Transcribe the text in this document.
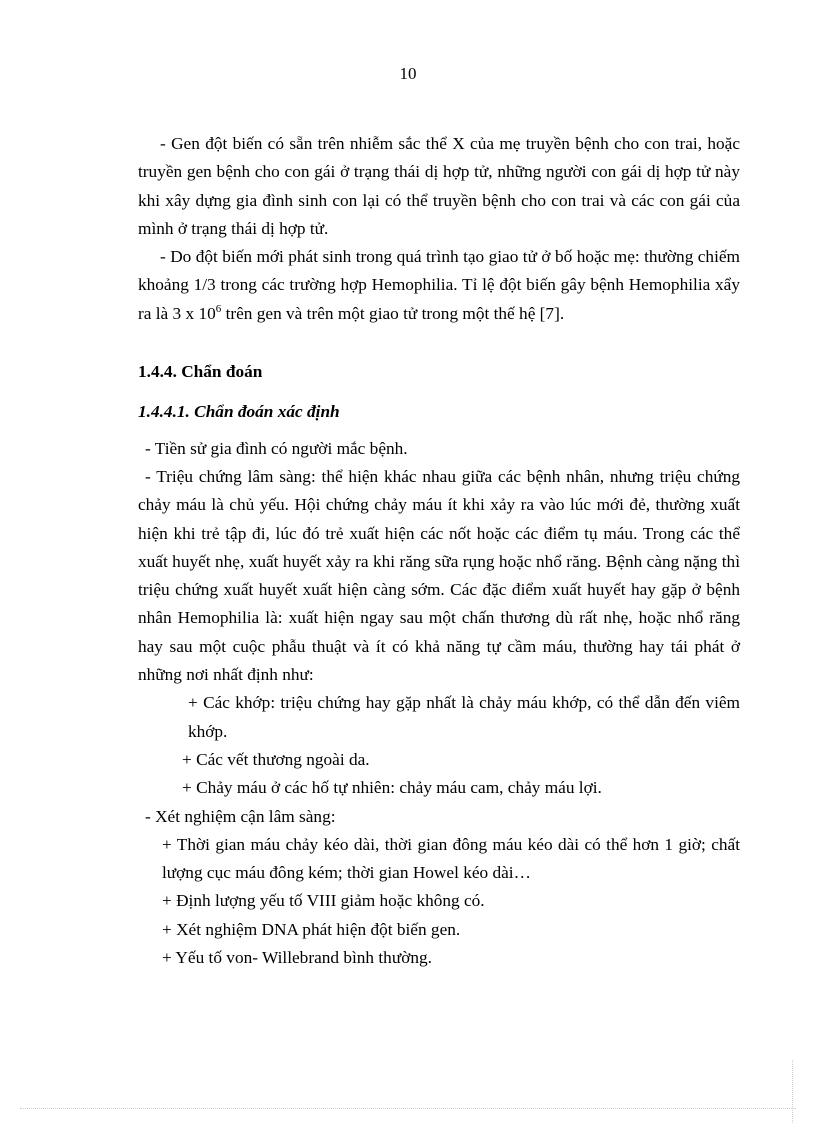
10

- Gen đột biến có sẵn trên nhiễm sắc thể X của mẹ truyền bệnh cho con trai, hoặc truyền gen bệnh cho con gái ở trạng thái dị hợp tử, những người con gái dị hợp tử này khi xây dựng gia đình sinh con lại có thể truyền bệnh cho con trai và các con gái của mình ở trạng thái dị hợp tử.

- Do đột biến mới phát sinh trong quá trình tạo giao tử ở bố hoặc mẹ: thường chiếm khoảng 1/3 trong các trường hợp Hemophilia. Tỉ lệ đột biến gây bệnh Hemophilia xẩy ra là 3 x $10^6$ trên gen và trên một giao tử trong một thế hệ [7].

1.4.4. Chẩn đoán

1.4.4.1. Chẩn đoán xác định

- Tiền sử gia đình có người mắc bệnh.

- Triệu chứng lâm sàng: thể hiện khác nhau giữa các bệnh nhân, nhưng triệu chứng chảy máu là chủ yếu. Hội chứng chảy máu ít khi xảy ra vào lúc mới đẻ, thường xuất hiện khi trẻ tập đi, lúc đó trẻ xuất hiện các nốt hoặc các điểm tụ máu. Trong các thể xuất huyết nhẹ, xuất huyết xảy ra khi răng sữa rụng hoặc nhổ răng. Bệnh càng nặng thì triệu chứng xuất huyết xuất hiện càng sớm. Các đặc điểm xuất huyết hay gặp ở bệnh nhân Hemophilia là: xuất hiện ngay sau một chấn thương dù rất nhẹ, hoặc nhổ răng hay sau một cuộc phẫu thuật và ít có khả năng tự cầm máu, thường hay tái phát ở những nơi nhất định như:

+ Các khớp: triệu chứng hay gặp nhất là chảy máu khớp, có thể dẫn đến viêm khớp.

+ Các vết thương ngoài da.

+ Chảy máu ở các hố tự nhiên: chảy máu cam, chảy máu lợi.

- Xét nghiệm cận lâm sàng:

+ Thời gian máu chảy kéo dài, thời gian đông máu kéo dài có thể hơn 1 giờ; chất lượng cục máu đông kém; thời gian Howel kéo dài…

+ Định lượng yếu tố VIII giảm hoặc không có.

+ Xét nghiệm DNA phát hiện đột biến gen.

+ Yếu tố von- Willebrand bình thường.
